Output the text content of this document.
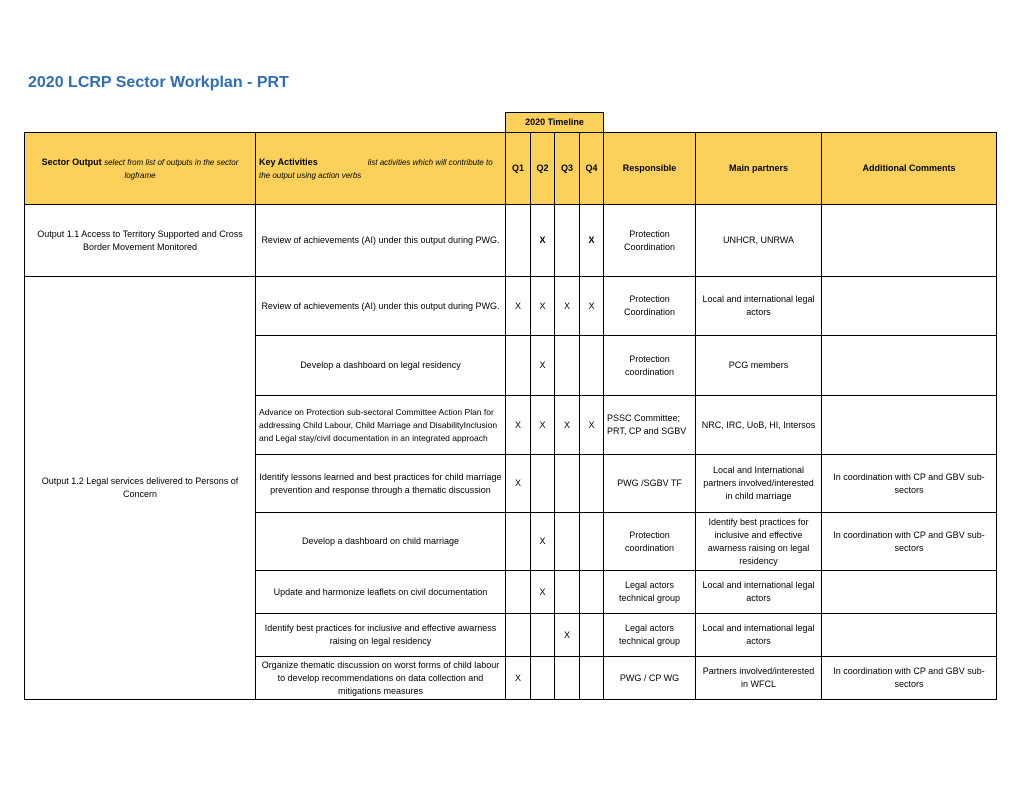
2020 LCRP Sector Workplan - PRT
		2020 Timeline						
Sector Output select from list of outputs in the sector logframe	Key Activities list activities which will contribute to the output using action verbs	Q1	Q2	Q3	Q4	Responsible	Main partners	Additional Comments
Output 1.1 Access to Territory Supported and Cross Border Movement Monitored	Review of achievements (AI) under this output during PWG.		X		X	Protection Coordination	UNHCR, UNRWA	
Output 1.2 Legal services delivered to Persons of Concern	Review of achievements (AI) under this output during PWG.	X	X	X	X	Protection Coordination	Local and international legal actors	
	Develop a dashboard on legal residency		X			Protection coordination	PCG members	
	Advance on Protection sub-sectoral Committee Action Plan for addressing Child Labour, Child Marriage and DisabilityInclusion and Legal stay/civil documentation in an integrated approach	X	X	X	X	PSSC Committee; PRT, CP and SGBV	NRC, IRC, UoB, HI, Intersos	
	Identify lessons learned and best practices for child marriage prevention and response through a thematic discussion	X				PWG /SGBV TF	Local and International partners involved/interested in child marriage	In coordination with CP and GBV sub-sectors
	Develop a dashboard on child marriage		X			Protection coordination	Identify best practices for inclusive and effective awarness raising on legal residency	In coordination with CP and GBV sub-sectors
	Update and harmonize leaflets on civil documentation		X			Legal actors technical group	Local and international legal actors	
	Identify best practices for inclusive and effective awarness raising on legal residency			X		Legal actors technical group	Local and international legal actors	
	Organize thematic discussion on worst forms of child labour to develop recommendations on data collection and mitigations measures	X				PWG / CP WG	Partners involved/interested in WFCL	In coordination with CP and GBV sub-sectors
